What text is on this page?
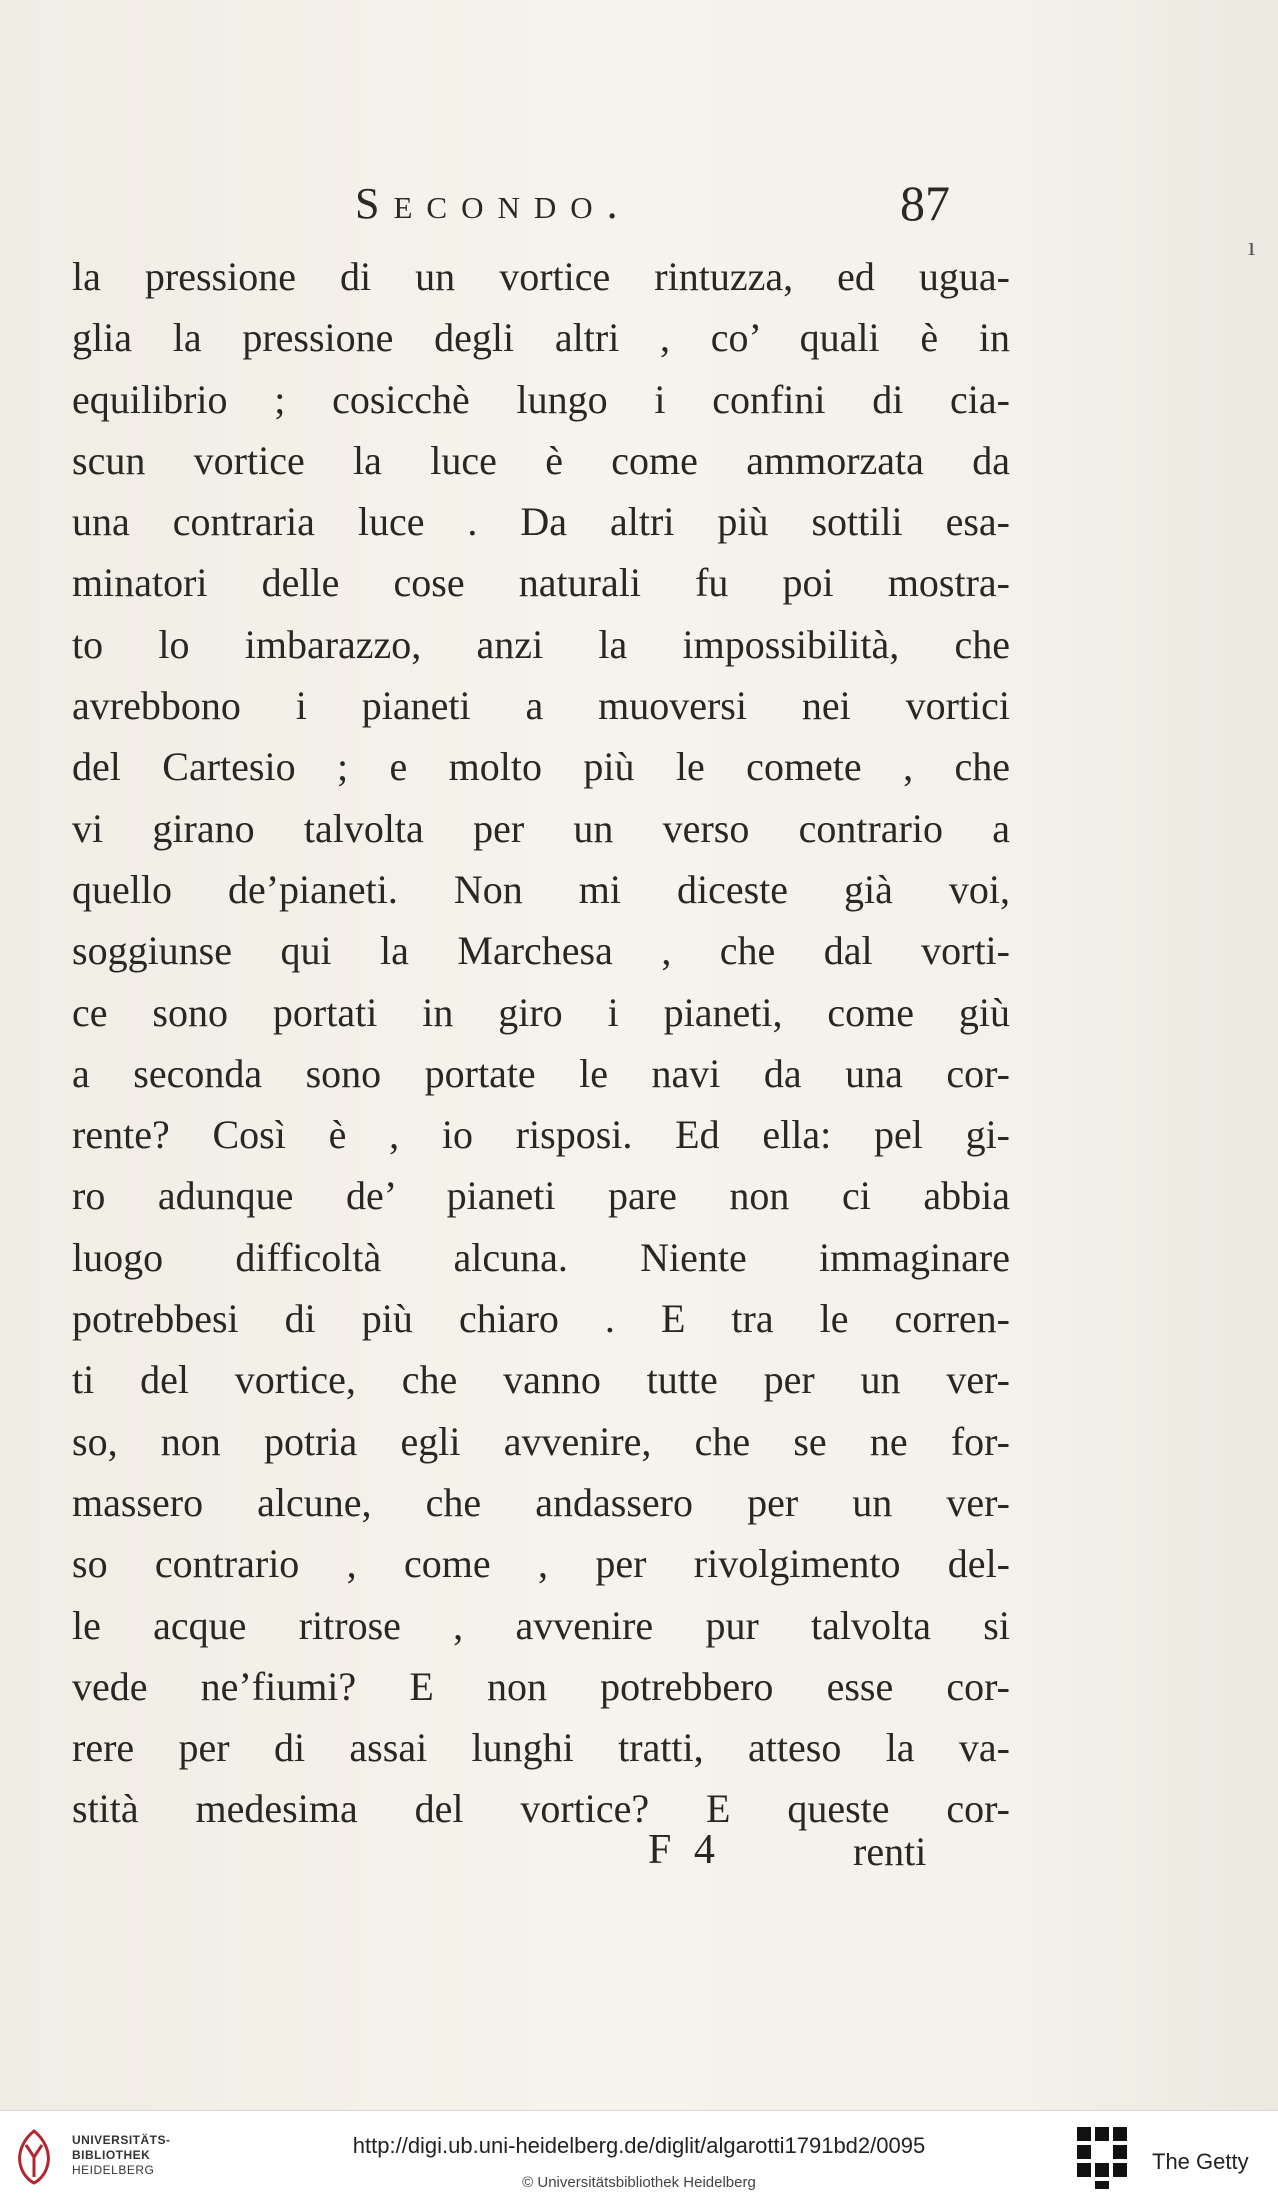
Secondo.	87
ı
la pressione di un vortice rintuzza, ed ugua-
glia la pressione degli altri , co’ quali è in
equilibrio ; cosicchè lungo i confini di cia-
scun vortice la luce è come ammorzata da
una contraria luce . Da altri più sottili esa-
minatori delle cose naturali fu poi mostra-
to lo imbarazzo, anzi la impossibilità, che
avrebbono i pianeti a muoversi nei vortici
del Cartesio ; e molto più le comete , che
vi girano talvolta per un verso contrario a
quello de’pianeti. Non mi diceste già voi,
soggiunse qui la Marchesa , che dal vorti-
ce sono portati in giro i pianeti, come giù
a seconda sono portate le navi da una cor-
rente? Così è , io risposi. Ed ella: pel gi-
ro adunque de’ pianeti pare non ci abbia
luogo difficoltà alcuna. Niente immaginare
potrebbesi di più chiaro . E tra le corren-
ti del vortice, che vanno tutte per un ver-
so, non potria egli avvenire, che se ne for-
massero alcune, che andassero per un ver-
so contrario , come , per rivolgimento del-
le acque ritrose , avvenire pur talvolta si
vede ne’fiumi? E non potrebbero esse cor-
rere per di assai lunghi tratti, atteso la va-
stità medesima del vortice? E queste cor-
F 4	renti
UNIVERSITÄTS-
BIBLIOTHEK
HEIDELBERG
http://digi.ub.uni-heidelberg.de/diglit/algarotti1791bd2/0095
© Universitätsbibliothek Heidelberg
The Getty
